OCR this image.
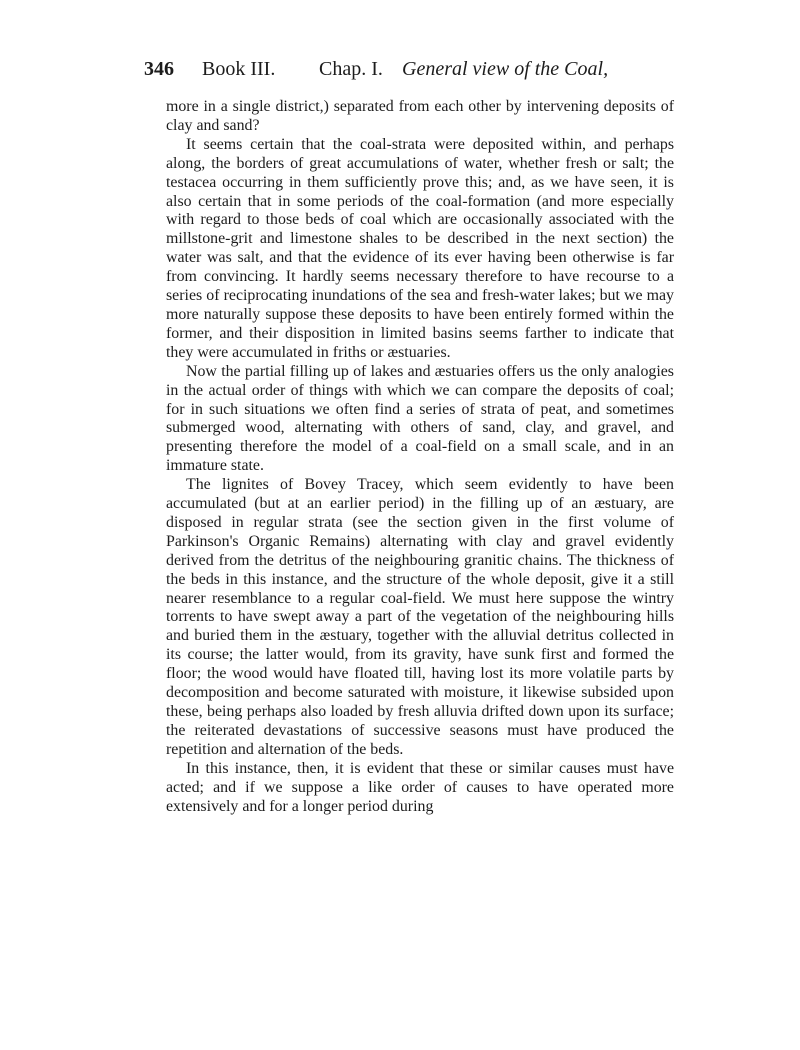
346 Book III. Chap. I. General view of the Coal,

more in a single district,) separated from each other by intervening deposits of clay and sand?

It seems certain that the coal-strata were deposited within, and perhaps along, the borders of great accumulations of water, whether fresh or salt; the testacea occurring in them sufficiently prove this; and, as we have seen, it is also certain that in some periods of the coal-formation (and more especially with regard to those beds of coal which are occasionally associated with the millstone-grit and limestone shales to be described in the next section) the water was salt, and that the evidence of its ever having been otherwise is far from convincing. It hardly seems necessary therefore to have recourse to a series of reciprocating inundations of the sea and fresh-water lakes; but we may more naturally suppose these deposits to have been entirely formed within the former, and their disposition in limited basins seems farther to indicate that they were accumulated in friths or æstuaries.

Now the partial filling up of lakes and æstuaries offers us the only analogies in the actual order of things with which we can compare the deposits of coal; for in such situations we often find a series of strata of peat, and sometimes submerged wood, alternating with others of sand, clay, and gravel, and presenting therefore the model of a coal-field on a small scale, and in an immature state.

The lignites of Bovey Tracey, which seem evidently to have been accumulated (but at an earlier period) in the filling up of an æstuary, are disposed in regular strata (see the section given in the first volume of Parkinson's Organic Remains) alternating with clay and gravel evidently derived from the detritus of the neighbouring granitic chains. The thickness of the beds in this instance, and the structure of the whole deposit, give it a still nearer resemblance to a regular coal-field. We must here suppose the wintry torrents to have swept away a part of the vegetation of the neighbouring hills and buried them in the æstuary, together with the alluvial detritus collected in its course; the latter would, from its gravity, have sunk first and formed the floor; the wood would have floated till, having lost its more volatile parts by decomposition and become saturated with moisture, it likewise subsided upon these, being perhaps also loaded by fresh alluvia drifted down upon its surface; the reiterated devastations of successive seasons must have produced the repetition and alternation of the beds.

In this instance, then, it is evident that these or similar causes must have acted; and if we suppose a like order of causes to have operated more extensively and for a longer period during
